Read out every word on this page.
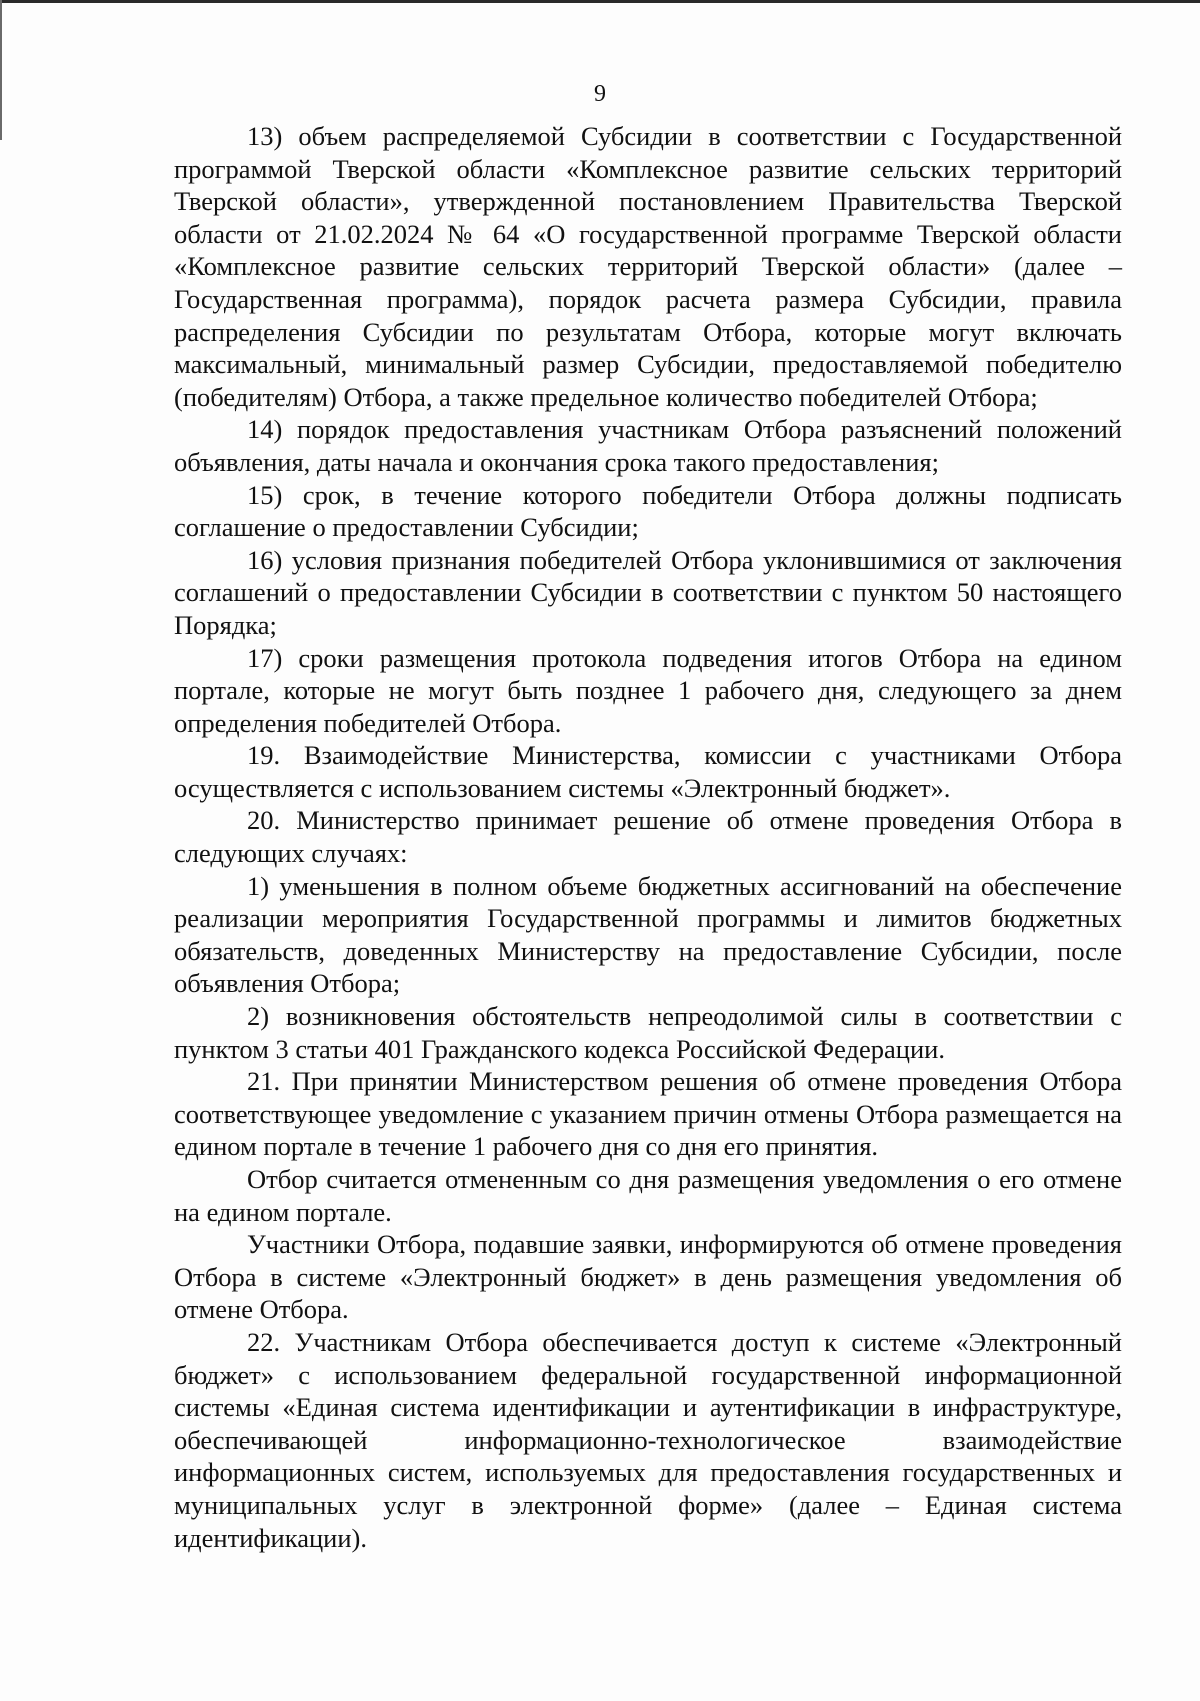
9

13) объем распределяемой Субсидии в соответствии с Государственной программой Тверской области «Комплексное развитие сельских территорий Тверской области», утвержденной постановлением Правительства Тверской области от 21.02.2024 № 64 «О государственной программе Тверской области «Комплексное развитие сельских территорий Тверской области» (далее – Государственная программа), порядок расчета размера Субсидии, правила распределения Субсидии по результатам Отбора, которые могут включать максимальный, минимальный размер Субсидии, предоставляемой победителю (победителям) Отбора, а также предельное количество победителей Отбора;

14) порядок предоставления участникам Отбора разъяснений положений объявления, даты начала и окончания срока такого предоставления;

15) срок, в течение которого победители Отбора должны подписать соглашение о предоставлении Субсидии;

16) условия признания победителей Отбора уклонившимися от заключения соглашений о предоставлении Субсидии в соответствии с пунктом 50 настоящего Порядка;

17) сроки размещения протокола подведения итогов Отбора на едином портале, которые не могут быть позднее 1 рабочего дня, следующего за днем определения победителей Отбора.

19. Взаимодействие Министерства, комиссии с участниками Отбора осуществляется с использованием системы «Электронный бюджет».

20. Министерство принимает решение об отмене проведения Отбора в следующих случаях:

1) уменьшения в полном объеме бюджетных ассигнований на обеспечение реализации мероприятия Государственной программы и лимитов бюджетных обязательств, доведенных Министерству на предоставление Субсидии, после объявления Отбора;

2) возникновения обстоятельств непреодолимой силы в соответствии с пунктом 3 статьи 401 Гражданского кодекса Российской Федерации.

21. При принятии Министерством решения об отмене проведения Отбора соответствующее уведомление с указанием причин отмены Отбора размещается на едином портале в течение 1 рабочего дня со дня его принятия.

Отбор считается отмененным со дня размещения уведомления о его отмене на едином портале.

Участники Отбора, подавшие заявки, информируются об отмене проведения Отбора в системе «Электронный бюджет» в день размещения уведомления об отмене Отбора.

22. Участникам Отбора обеспечивается доступ к системе «Электронный бюджет» с использованием федеральной государственной информационной системы «Единая система идентификации и аутентификации в инфраструктуре, обеспечивающей информационно-технологическое взаимодействие информационных систем, используемых для предоставления государственных и муниципальных услуг в электронной форме» (далее – Единая система идентификации).
